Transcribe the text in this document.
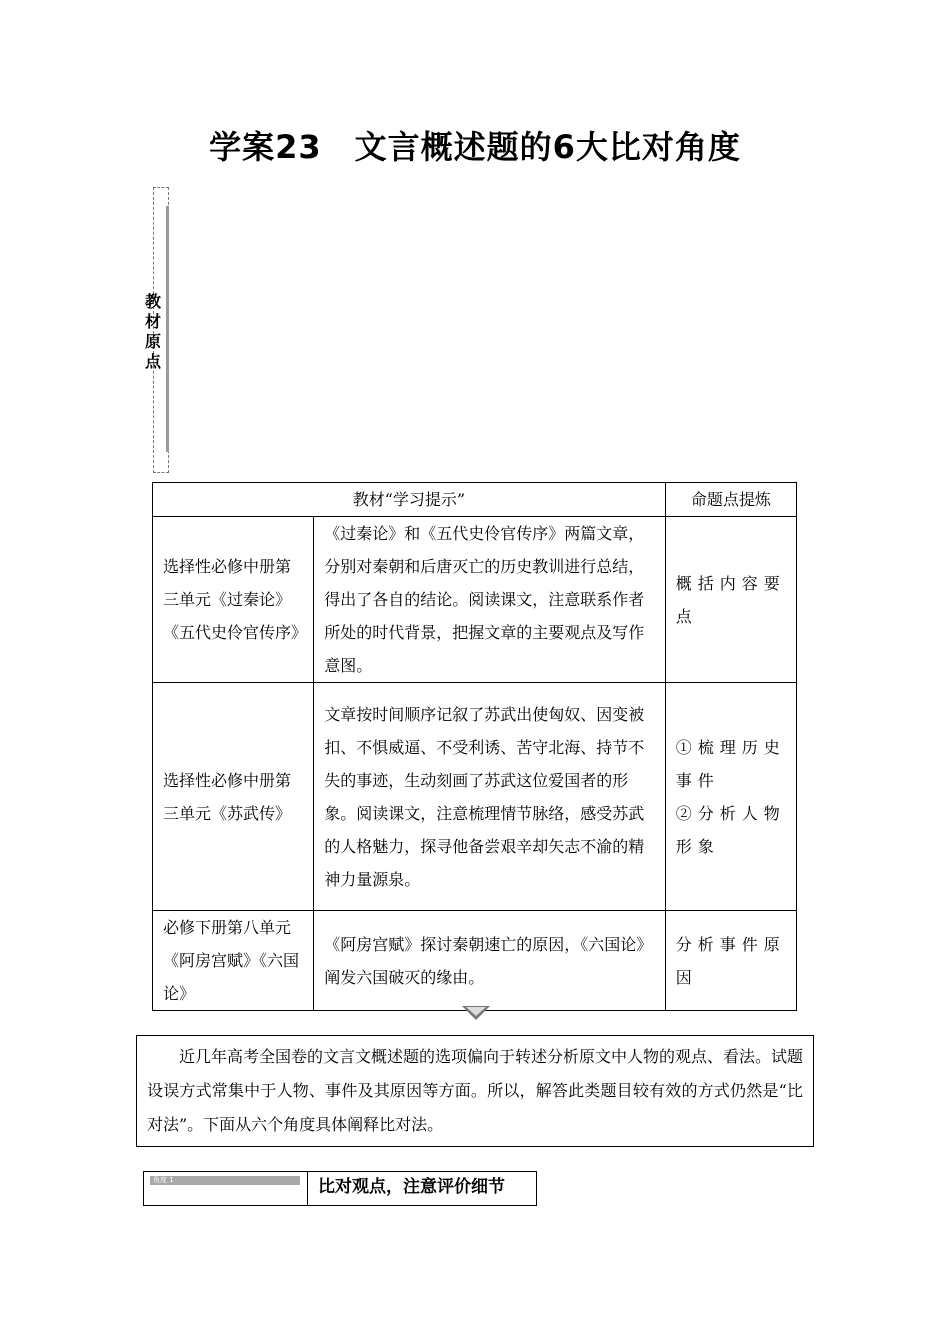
学案23　文言概述题的6大比对角度
教材原点
教材“学习提示”		命题点提炼
选择性必修中册第三单元《过秦论》《五代史伶官传序》	《过秦论》和《五代史伶官传序》两篇文章，分别对秦朝和后唐灭亡的历史教训进行总结，得出了各自的结论。阅读课文，注意联系作者所处的时代背景，把握文章的主要观点及写作意图。	概括内容要点

选择性必修中册第三单元《苏武传》	文章按时间顺序记叙了苏武出使匈奴、因变被扣、不惧威逼、不受利诱、苦守北海、持节不失的事迹，生动刻画了苏武这位爱国者的形象。阅读课文，注意梳理情节脉络，感受苏武的人格魅力，探寻他备尝艰辛却矢志不渝的精神力量源泉。	①梳理历史事件
②分析人物形象

必修下册第八单元《阿房宫赋》《六国论》	《阿房宫赋》探讨秦朝速亡的原因，《六国论》阐发六国破灭的缘由。	分析事件原因
近几年高考全国卷的文言文概述题的选项偏向于转述分析原文中人物的观点、看法。试题设误方式常集中于人物、事件及其原因等方面。所以，解答此类题目较有效的方式仍然是“比对法”。下面从六个角度具体阐释比对法。
角度 1	比对观点，注意评价细节
